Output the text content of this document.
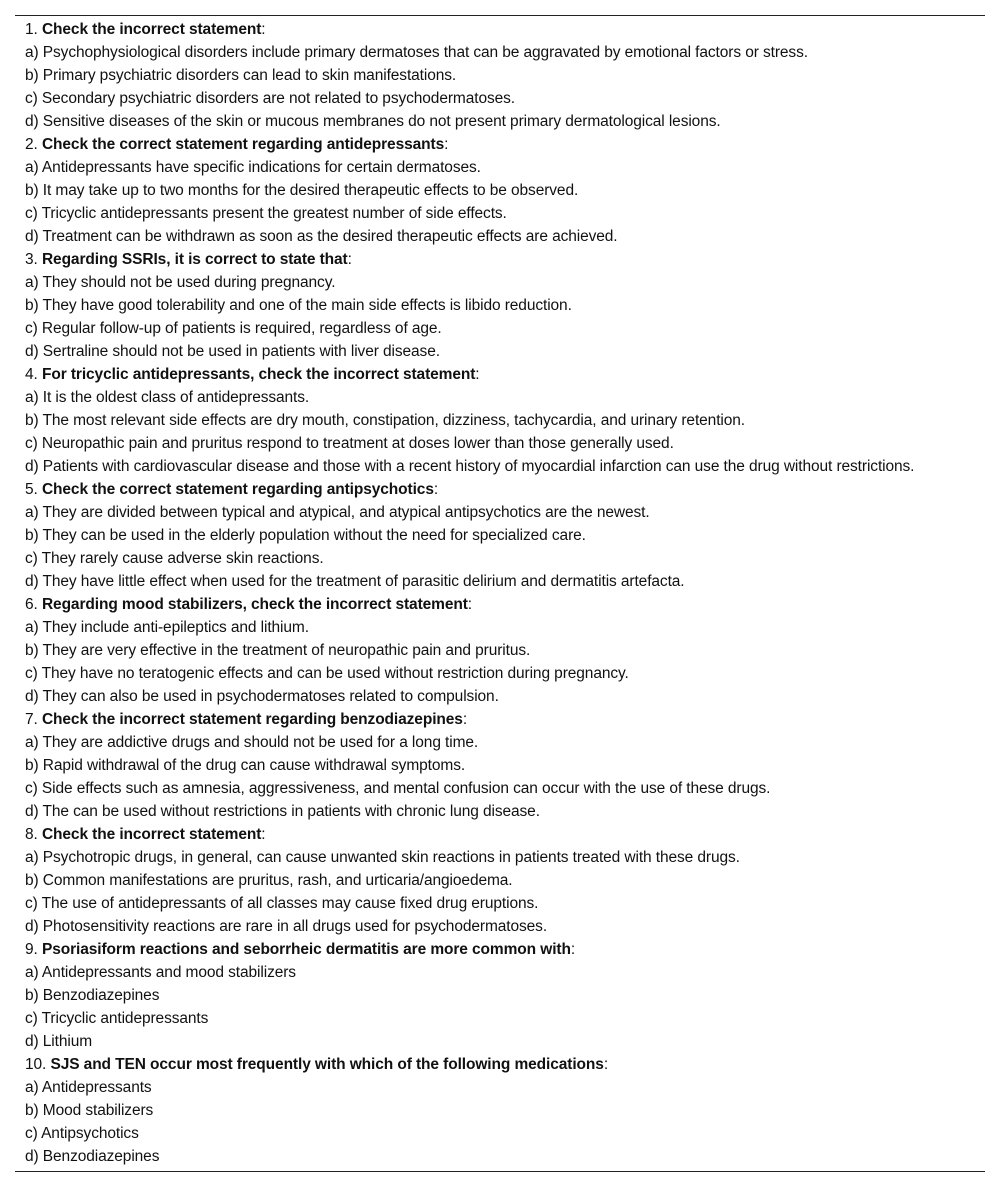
1. Check the incorrect statement:

a) Psychophysiological disorders include primary dermatoses that can be aggravated by emotional factors or stress.

b) Primary psychiatric disorders can lead to skin manifestations.

c) Secondary psychiatric disorders are not related to psychodermatoses.

d) Sensitive diseases of the skin or mucous membranes do not present primary dermatological lesions.

2. Check the correct statement regarding antidepressants:

a) Antidepressants have specific indications for certain dermatoses.

b) It may take up to two months for the desired therapeutic effects to be observed.

c) Tricyclic antidepressants present the greatest number of side effects.

d) Treatment can be withdrawn as soon as the desired therapeutic effects are achieved.

3. Regarding SSRIs, it is correct to state that:

a) They should not be used during pregnancy.

b) They have good tolerability and one of the main side effects is libido reduction.

c) Regular follow-up of patients is required, regardless of age.

d) Sertraline should not be used in patients with liver disease.

4. For tricyclic antidepressants, check the incorrect statement:

a) It is the oldest class of antidepressants.

b) The most relevant side effects are dry mouth, constipation, dizziness, tachycardia, and urinary retention.

c) Neuropathic pain and pruritus respond to treatment at doses lower than those generally used.

d) Patients with cardiovascular disease and those with a recent history of myocardial infarction can use the drug without restrictions.

5. Check the correct statement regarding antipsychotics:

a) They are divided between typical and atypical, and atypical antipsychotics are the newest.

b) They can be used in the elderly population without the need for specialized care.

c) They rarely cause adverse skin reactions.

d) They have little effect when used for the treatment of parasitic delirium and dermatitis artefacta.

6. Regarding mood stabilizers, check the incorrect statement:

a) They include anti-epileptics and lithium.

b) They are very effective in the treatment of neuropathic pain and pruritus.

c) They have no teratogenic effects and can be used without restriction during pregnancy.

d) They can also be used in psychodermatoses related to compulsion.

7. Check the incorrect statement regarding benzodiazepines:

a) They are addictive drugs and should not be used for a long time.

b) Rapid withdrawal of the drug can cause withdrawal symptoms.

c) Side effects such as amnesia, aggressiveness, and mental confusion can occur with the use of these drugs.

d) The can be used without restrictions in patients with chronic lung disease.

8. Check the incorrect statement:

a) Psychotropic drugs, in general, can cause unwanted skin reactions in patients treated with these drugs.

b) Common manifestations are pruritus, rash, and urticaria/angioedema.

c) The use of antidepressants of all classes may cause fixed drug eruptions.

d) Photosensitivity reactions are rare in all drugs used for psychodermatoses.

9. Psoriasiform reactions and seborrheic dermatitis are more common with:

a) Antidepressants and mood stabilizers

b) Benzodiazepines

c) Tricyclic antidepressants

d) Lithium

10. SJS and TEN occur most frequently with which of the following medications:

a) Antidepressants

b) Mood stabilizers

c) Antipsychotics

d) Benzodiazepines
